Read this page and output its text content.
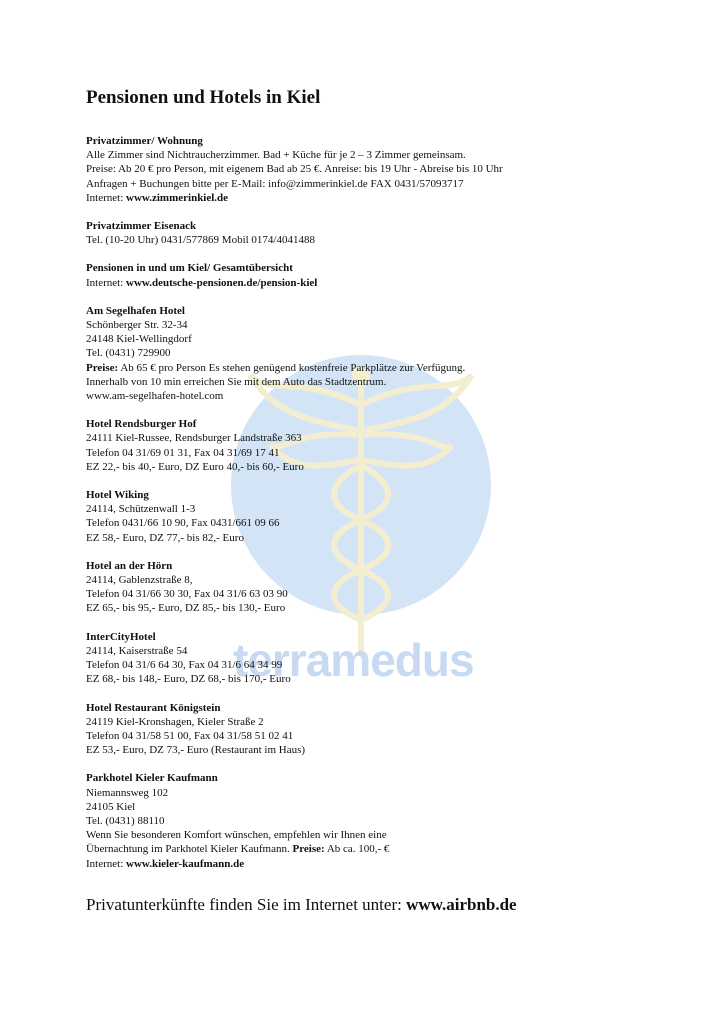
terramedus
Pensionen und Hotels in Kiel

Privatzimmer/ Wohnung

Alle Zimmer sind Nichtraucherzimmer. Bad + Küche für je 2 – 3 Zimmer gemeinsam.

Preise: Ab 20 € pro Person, mit eigenem Bad ab 25 €. Anreise: bis 19 Uhr - Abreise bis 10 Uhr

Anfragen + Buchungen bitte per E-Mail: info@zimmerinkiel.de FAX 0431/57093717

Internet: www.zimmerinkiel.de

Privatzimmer Eisenack

Tel. (10-20 Uhr) 0431/577869 Mobil 0174/4041488

Pensionen in und um Kiel/ Gesamtübersicht

Internet: www.deutsche-pensionen.de/pension-kiel

Am Segelhafen Hotel

Schönberger Str. 32-34

24148 Kiel-Wellingdorf

Tel. (0431) 729900

Preise: Ab 65 € pro Person Es stehen genügend kostenfreie Parkplätze zur Verfügung.

Innerhalb von 10 min erreichen Sie mit dem Auto das Stadtzentrum.

www.am-segelhafen-hotel.com

Hotel Rendsburger Hof

24111 Kiel-Russee, Rendsburger Landstraße 363

Telefon 04 31/69 01 31, Fax 04 31/69 17 41

EZ 22,- bis 40,- Euro, DZ Euro 40,- bis 60,- Euro

Hotel Wiking

24114, Schützenwall 1-3

Telefon 0431/66 10 90, Fax 0431/661 09 66

EZ 58,- Euro, DZ 77,- bis 82,- Euro

Hotel an der Hörn

24114, Gablenzstraße 8,

Telefon 04 31/66 30 30, Fax 04 31/6 63 03 90

EZ 65,- bis 95,- Euro, DZ 85,- bis 130,- Euro

InterCityHotel

24114, Kaiserstraße 54

Telefon 04 31/6 64 30, Fax 04 31/6 64 34 99

EZ 68,- bis 148,- Euro, DZ 68,- bis 170,- Euro

Hotel Restaurant Königstein

24119 Kiel-Kronshagen, Kieler Straße 2

Telefon 04 31/58 51 00, Fax 04 31/58 51 02 41

EZ 53,- Euro, DZ 73,- Euro (Restaurant im Haus)

Parkhotel Kieler Kaufmann

Niemannsweg 102

24105 Kiel

Tel. (0431) 88110

Wenn Sie besonderen Komfort wünschen, empfehlen wir Ihnen eine

Übernachtung im Parkhotel Kieler Kaufmann. Preise: Ab ca. 100,- €

Internet: www.kieler-kaufmann.de

Privatunterkünfte finden Sie im Internet unter: www.airbnb.de
